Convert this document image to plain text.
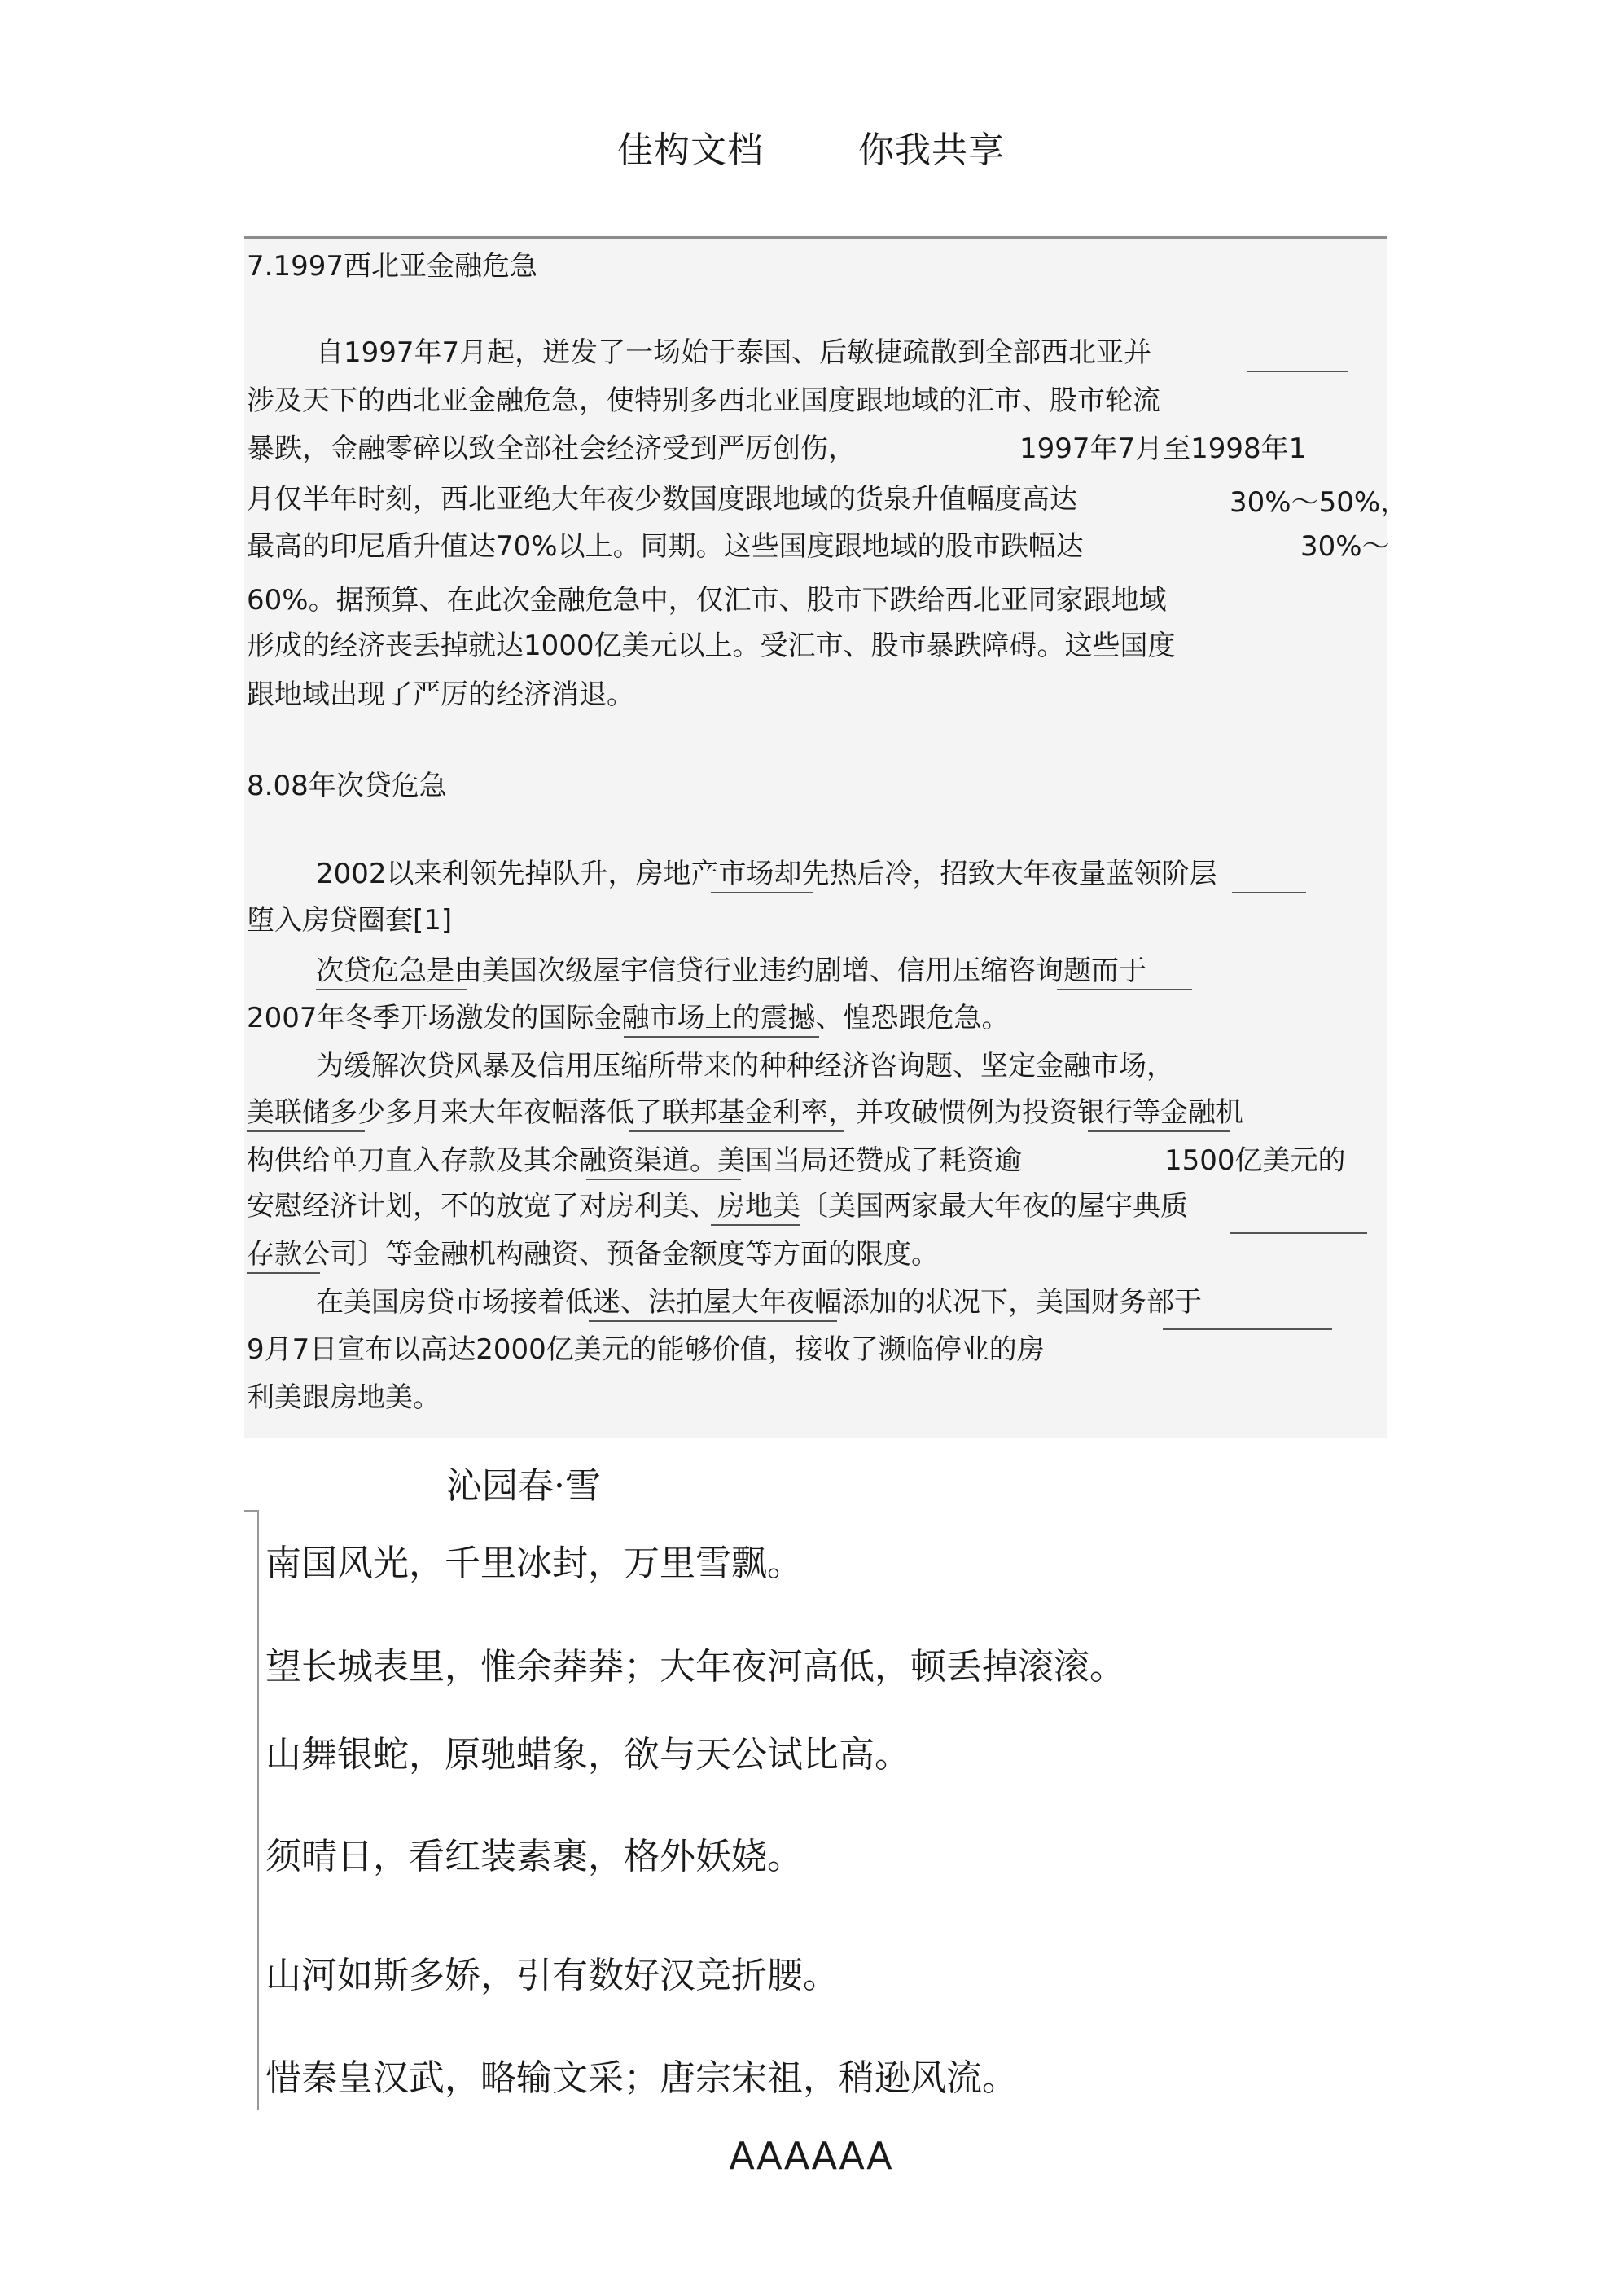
佳构文档	你我共享
7.1997西北亚金融危急
自1997年7月起，迸发了一场始于泰国、后敏捷疏散到全部西北亚并
涉及天下的西北亚金融危急，使特别多西北亚国度跟地域的汇市、股市轮流
暴跌，金融零碎以致全部社会经济受到严厉创伤，	1997年7月至1998年1
月仅半年时刻，西北亚绝大年夜少数国度跟地域的货泉升值幅度高达	30%～50%，
最高的印尼盾升值达70%以上。同期。这些国度跟地域的股市跌幅达	30%～
60%。据预算、在此次金融危急中，仅汇市、股市下跌给西北亚同家跟地域
形成的经济丧丢掉就达1000亿美元以上。受汇市、股市暴跌障碍。这些国度
跟地域出现了严厉的经济消退。
8.08年次贷危急
2002以来利领先掉队升，房地产市场却先热后冷，招致大年夜量蓝领阶层
堕入房贷圈套[1]
次贷危急是由美国次级屋宇信贷行业违约剧增、信用压缩咨询题而于
2007年冬季开场激发的国际金融市场上的震撼、惶恐跟危急。
为缓解次贷风暴及信用压缩所带来的种种经济咨询题、坚定金融市场，
美联储多少多月来大年夜幅落低了联邦基金利率，并攻破惯例为投资银行等金融机
构供给单刀直入存款及其余融资渠道。美国当局还赞成了耗资逾	1500亿美元的
安慰经济计划，不的放宽了对房利美、房地美〔美国两家最大年夜的屋宇典质
存款公司〕等金融机构融资、预备金额度等方面的限度。
在美国房贷市场接着低迷、法拍屋大年夜幅添加的状况下，美国财务部于
9月7日宣布以高达2000亿美元的能够价值，接收了濒临停业的房
利美跟房地美。
沁园春·雪
南国风光，千里冰封，万里雪飘。
望长城表里，惟余莽莽；大年夜河高低，顿丢掉滚滚。
山舞银蛇，原驰蜡象，欲与天公试比高。
须晴日，看红装素裹，格外妖娆。
山河如斯多娇，引有数好汉竞折腰。
惜秦皇汉武，略输文采；唐宗宋祖，稍逊风流。
AAAAAA
